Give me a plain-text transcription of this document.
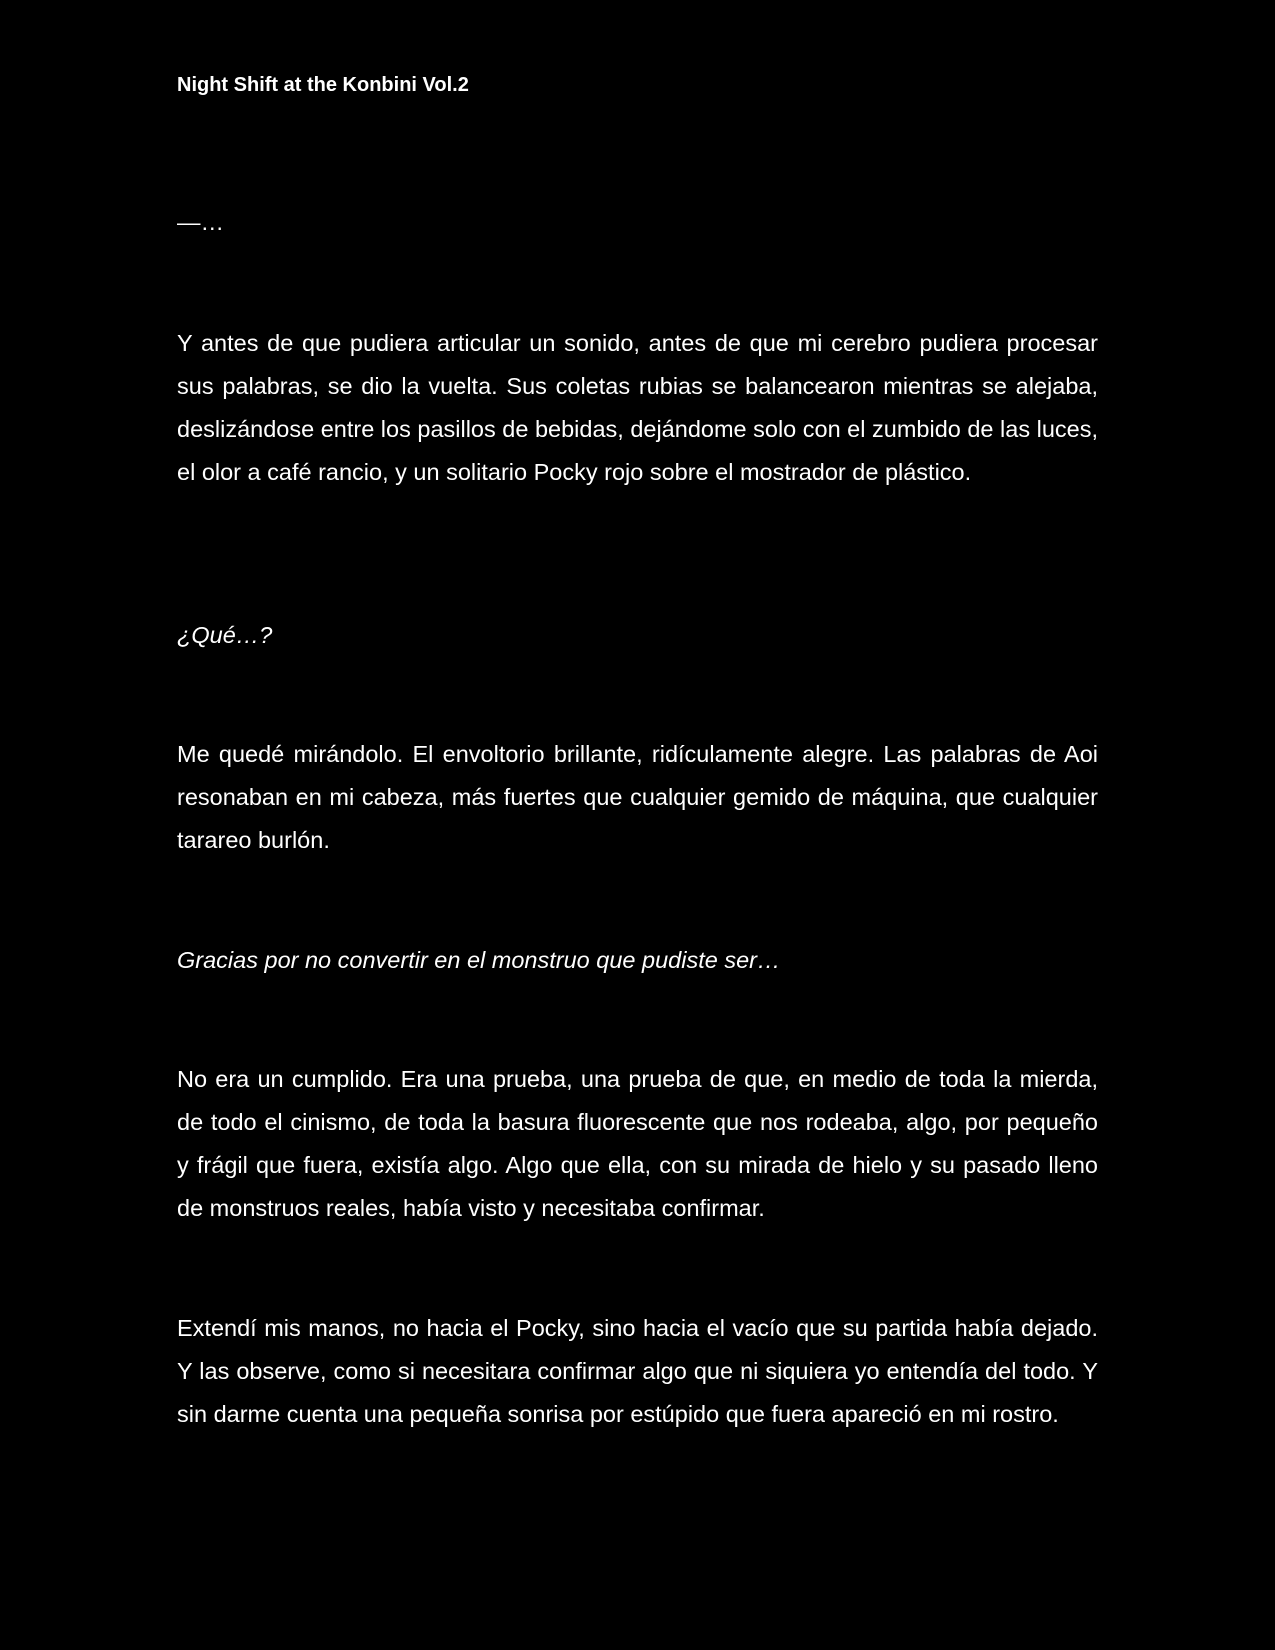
Night Shift at the Konbini Vol.2

—…

Y antes de que pudiera articular un sonido, antes de que mi cerebro pudiera procesar sus palabras, se dio la vuelta. Sus coletas rubias se balancearon mientras se alejaba, deslizándose entre los pasillos de bebidas, dejándome solo con el zumbido de las luces, el olor a café rancio, y un solitario Pocky rojo sobre el mostrador de plástico.

¿Qué…?

Me quedé mirándolo. El envoltorio brillante, ridículamente alegre. Las palabras de Aoi resonaban en mi cabeza, más fuertes que cualquier gemido de máquina, que cualquier tarareo burlón.

Gracias por no convertir en el monstruo que pudiste ser…

No era un cumplido. Era una prueba, una prueba de que, en medio de toda la mierda, de todo el cinismo, de toda la basura fluorescente que nos rodeaba, algo, por pequeño y frágil que fuera, existía algo. Algo que ella, con su mirada de hielo y su pasado lleno de monstruos reales, había visto y necesitaba confirmar.

Extendí mis manos, no hacia el Pocky, sino hacia el vacío que su partida había dejado. Y las observe, como si necesitara confirmar algo que ni siquiera yo entendía del todo. Y sin darme cuenta una pequeña sonrisa por estúpido que fuera apareció en mi rostro.
